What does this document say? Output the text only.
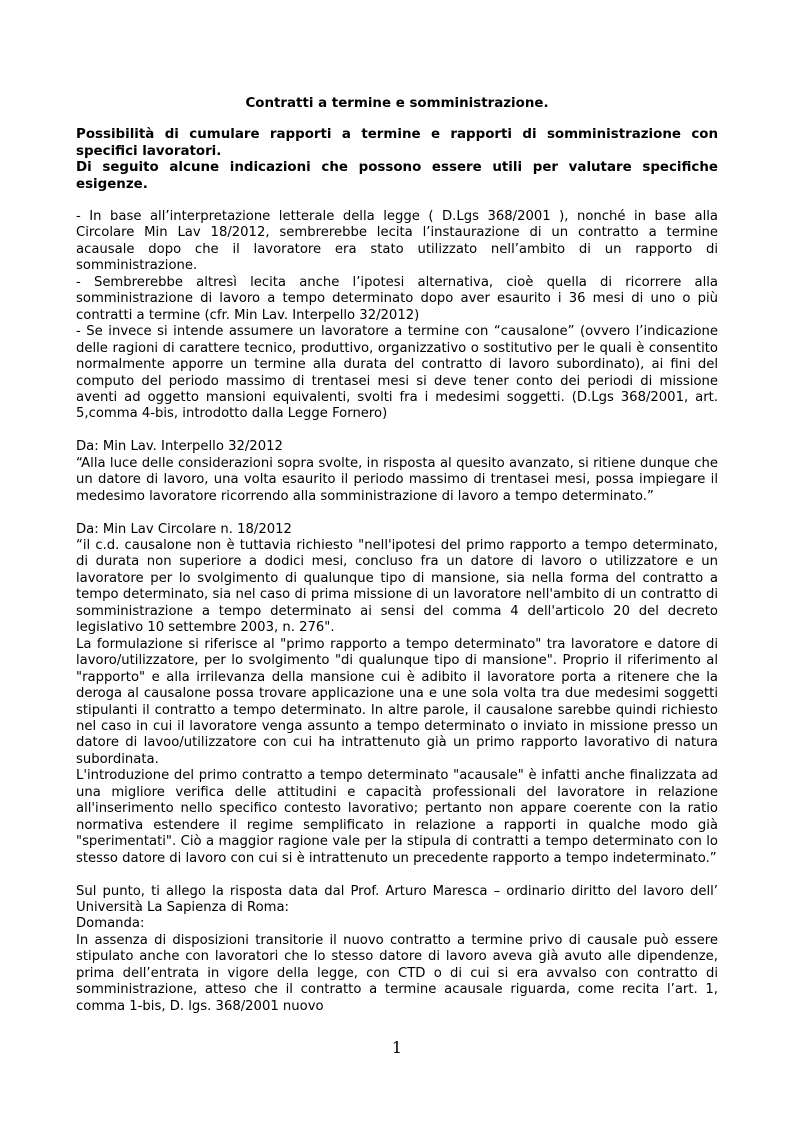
Contratti a termine e somministrazione.

Possibilità di cumulare rapporti a termine e rapporti di somministrazione con specifici lavoratori.

Di seguito alcune indicazioni che possono essere utili per valutare specifiche esigenze.

- In base all’interpretazione letterale della legge ( D.Lgs 368/2001 ), nonché in base alla Circolare Min Lav 18/2012, sembrerebbe lecita l’instaurazione di un contratto a termine acausale dopo che il lavoratore era stato utilizzato nell’ambito di un rapporto di somministrazione.

- Sembrerebbe altresì lecita anche l’ipotesi alternativa, cioè quella di ricorrere alla somministrazione di lavoro a tempo determinato dopo aver esaurito i 36 mesi di uno o più contratti a termine (cfr. Min Lav. Interpello 32/2012)

- Se invece si intende assumere un lavoratore a termine con “causalone” (ovvero l’indicazione delle ragioni di carattere tecnico, produttivo, organizzativo o sostitutivo per le quali è consentito normalmente apporre un termine alla durata del contratto di lavoro subordinato), ai fini del computo del periodo massimo di trentasei mesi si deve tener conto dei periodi di missione aventi ad oggetto mansioni equivalenti, svolti fra i medesimi soggetti. (D.Lgs 368/2001, art. 5,comma 4-bis, introdotto dalla Legge Fornero)

Da: Min Lav. Interpello 32/2012

“Alla luce delle considerazioni sopra svolte, in risposta al quesito avanzato, si ritiene dunque che un datore di lavoro, una volta esaurito il periodo massimo di trentasei mesi, possa impiegare il medesimo lavoratore ricorrendo alla somministrazione di lavoro a tempo determinato.”

Da: Min Lav Circolare n. 18/2012

“il c.d. causalone non è tuttavia richiesto "nell'ipotesi del primo rapporto a tempo determinato, di durata non superiore a dodici mesi, concluso fra un datore di lavoro o utilizzatore e un lavoratore per lo svolgimento di qualunque tipo di mansione, sia nella forma del contratto a tempo determinato, sia nel caso di prima missione di un lavoratore nell'ambito di un contratto di somministrazione a tempo determinato ai sensi del comma 4 dell'articolo 20 del decreto legislativo 10 settembre 2003, n. 276".

La formulazione si riferisce al "primo rapporto a tempo determinato" tra lavoratore e datore di lavoro/utilizzatore, per lo svolgimento "di qualunque tipo di mansione". Proprio il riferimento al "rapporto" e alla irrilevanza della mansione cui è adibito il lavoratore porta a ritenere che la deroga al causalone possa trovare applicazione una e une sola volta tra due medesimi soggetti stipulanti il contratto a tempo determinato. In altre parole, il causalone sarebbe quindi richiesto nel caso in cui il lavoratore venga assunto a tempo determinato o inviato in missione presso un datore di lavoo/utilizzatore con cui ha intrattenuto già un primo rapporto lavorativo di natura subordinata.

L'introduzione del primo contratto a tempo determinato "acausale" è infatti anche finalizzata ad una migliore verifica delle attitudini e capacità professionali del lavoratore in relazione all'inserimento nello specifico contesto lavorativo; pertanto non appare coerente con la ratio normativa estendere il regime semplificato in relazione a rapporti in qualche modo già "sperimentati". Ciò a maggior ragione vale per la stipula di contratti a tempo determinato con lo stesso datore di lavoro con cui si è intrattenuto un precedente rapporto a tempo indeterminato.”

Sul punto, ti allego la risposta data dal Prof. Arturo Maresca – ordinario diritto del lavoro dell’ Università La Sapienza di Roma:

Domanda:

In assenza di disposizioni transitorie il nuovo contratto a termine privo di causale può essere stipulato anche con lavoratori che lo stesso datore di lavoro aveva già avuto alle dipendenze, prima dell’entrata in vigore della legge, con CTD o di cui si era avvalso con contratto di somministrazione, atteso che il contratto a termine acausale riguarda, come recita l’art. 1, comma 1-bis, D. lgs. 368/2001 nuovo

1
